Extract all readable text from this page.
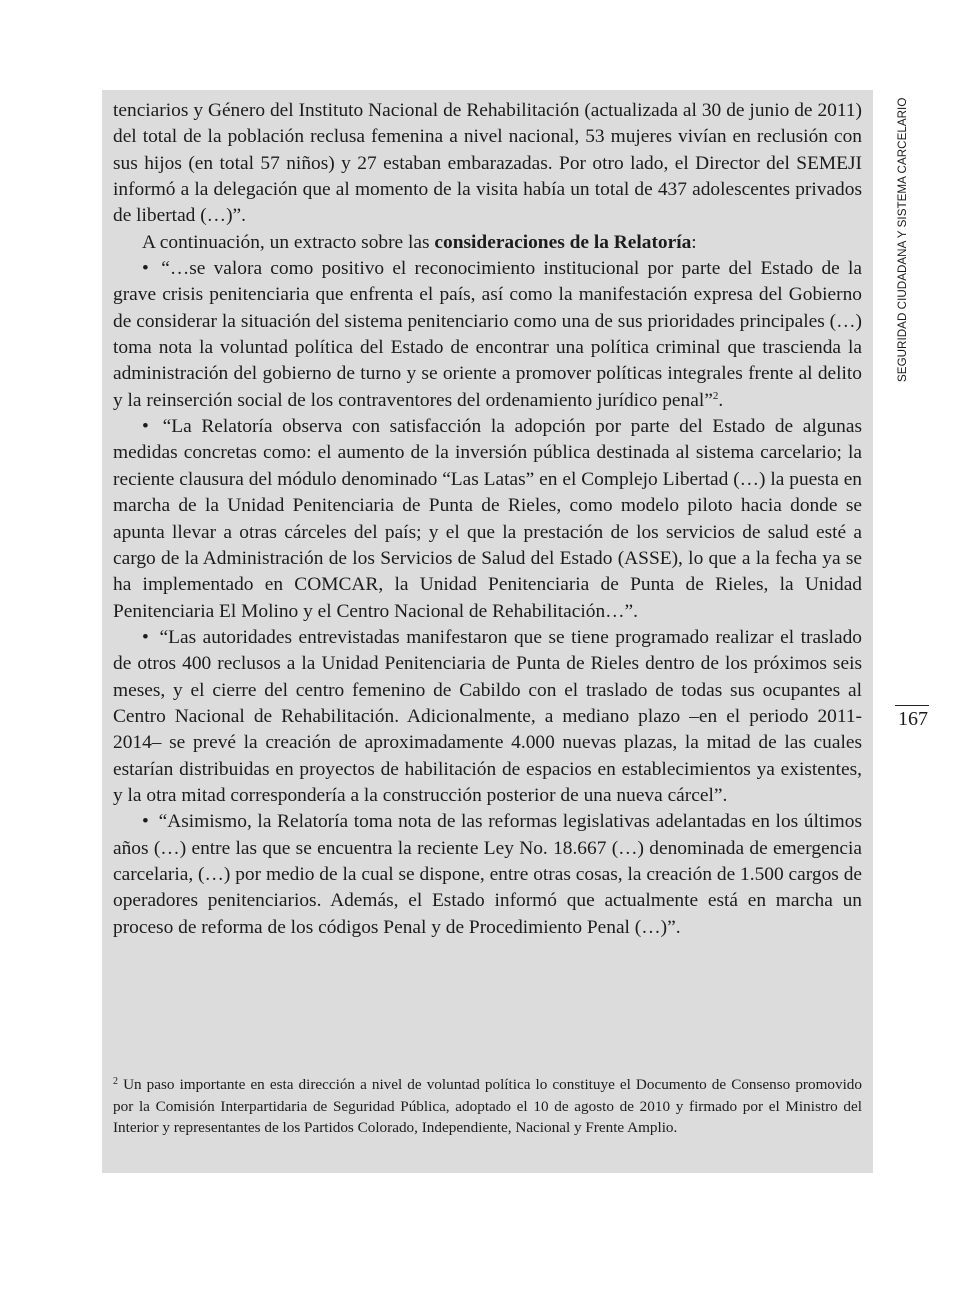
tenciarios y Género del Instituto Nacional de Rehabilitación (actualizada al 30 de junio de 2011) del total de la población reclusa femenina a nivel nacional, 53 mujeres vivían en reclusión con sus hijos (en total 57 niños) y 27 estaban embarazadas. Por otro lado, el Director del SEMEJI informó a la delegación que al momento de la visita había un total de 437 adolescentes privados de libertad (…)”.

A continuación, un extracto sobre las consideraciones de la Relatoría:

• “…se valora como positivo el reconocimiento institucional por parte del Estado de la grave crisis penitenciaria que enfrenta el país, así como la manifestación expresa del Gobierno de considerar la situación del sistema penitenciario como una de sus prioridades principales (…) toma nota la voluntad política del Estado de encontrar una política criminal que trascienda la administración del gobierno de turno y se oriente a promover políticas integrales frente al delito y la reinserción social de los contraventores del ordenamiento jurídico penal”$^2$.

• “La Relatoría observa con satisfacción la adopción por parte del Estado de algunas medidas concretas como: el aumento de la inversión pública destinada al sistema carcelario; la reciente clausura del módulo denominado “Las Latas” en el Complejo Libertad (…) la puesta en marcha de la Unidad Penitenciaria de Punta de Rieles, como modelo piloto hacia donde se apunta llevar a otras cárceles del país; y el que la prestación de los servicios de salud esté a cargo de la Administración de los Servicios de Salud del Estado (ASSE), lo que a la fecha ya se ha implementado en COMCAR, la Unidad Penitenciaria de Punta de Rieles, la Unidad Penitenciaria El Molino y el Centro Nacional de Rehabilitación…”.

• “Las autoridades entrevistadas manifestaron que se tiene programado realizar el traslado de otros 400 reclusos a la Unidad Penitenciaria de Punta de Rieles dentro de los próximos seis meses, y el cierre del centro femenino de Cabildo con el traslado de todas sus ocupantes al Centro Nacional de Rehabilitación. Adicionalmente, a mediano plazo –en el periodo 2011-2014– se prevé la creación de aproximadamente 4.000 nuevas plazas, la mitad de las cuales estarían distribuidas en proyectos de habilitación de espacios en establecimientos ya existentes, y la otra mitad correspondería a la construcción posterior de una nueva cárcel”.

• “Asimismo, la Relatoría toma nota de las reformas legislativas adelantadas en los últimos años (…) entre las que se encuentra la reciente Ley No. 18.667 (…) denominada de emergencia carcelaria, (…) por medio de la cual se dispone, entre otras cosas, la creación de 1.500 cargos de operadores penitenciarios. Además, el Estado informó que actualmente está en marcha un proceso de reforma de los códigos Penal y de Procedimiento Penal (…)”.

$^2$ Un paso importante en esta dirección a nivel de voluntad política lo constituye el Documento de Consenso promovido por la Comisión Interpartidaria de Seguridad Pública, adoptado el 10 de agosto de 2010 y firmado por el Ministro del Interior y representantes de los Partidos Colorado, Independiente, Nacional y Frente Amplio.
SEGURIDAD CIUDADANA Y SISTEMA CARCELARIO
167
